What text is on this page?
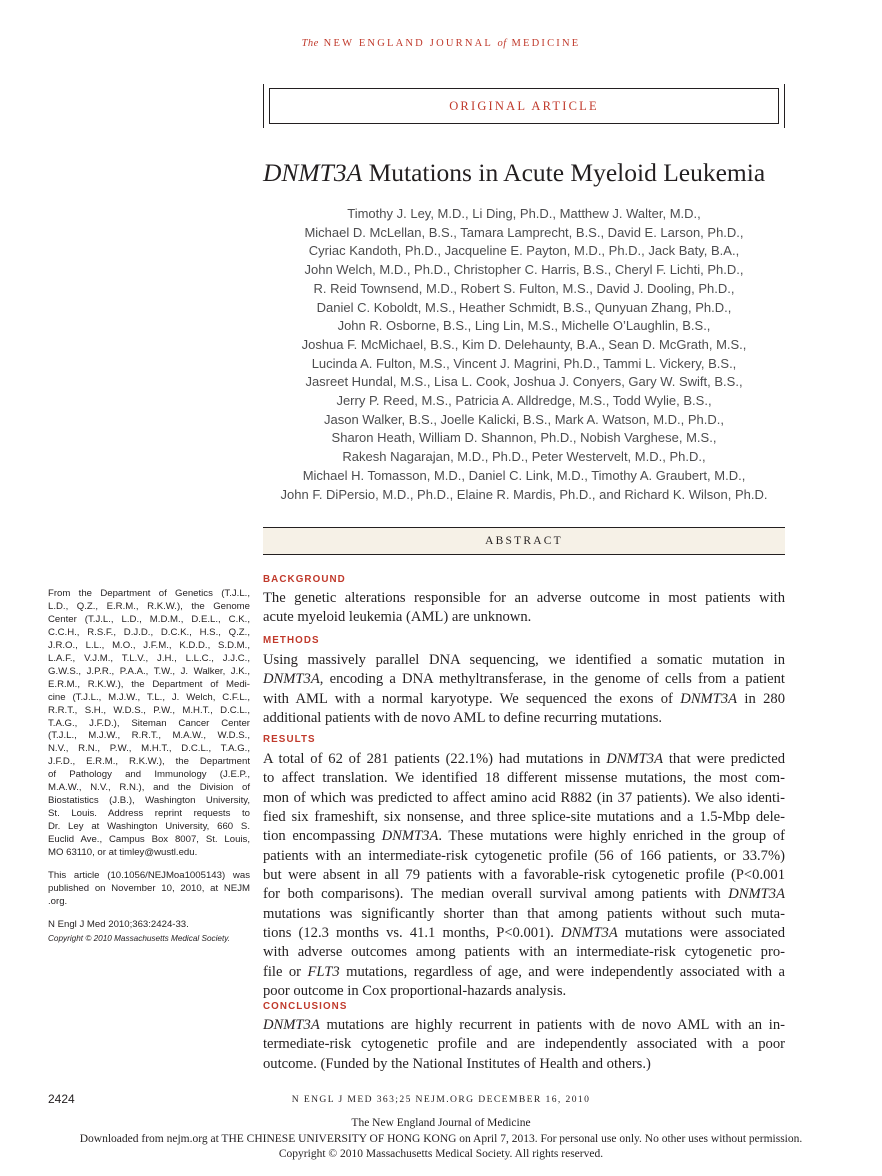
The NEW ENGLAND JOURNAL of MEDICINE
ORIGINAL ARTICLE
DNMT3A Mutations in Acute Myeloid Leukemia
Timothy J. Ley, M.D., Li Ding, Ph.D., Matthew J. Walter, M.D.,
Michael D. McLellan, B.S., Tamara Lamprecht, B.S., David E. Larson, Ph.D.,
Cyriac Kandoth, Ph.D., Jacqueline E. Payton, M.D., Ph.D., Jack Baty, B.A.,
John Welch, M.D., Ph.D., Christopher C. Harris, B.S., Cheryl F. Lichti, Ph.D.,
R. Reid Townsend, M.D., Robert S. Fulton, M.S., David J. Dooling, Ph.D.,
Daniel C. Koboldt, M.S., Heather Schmidt, B.S., Qunyuan Zhang, Ph.D.,
John R. Osborne, B.S., Ling Lin, M.S., Michelle O’Laughlin, B.S.,
Joshua F. McMichael, B.S., Kim D. Delehaunty, B.A., Sean D. McGrath, M.S.,
Lucinda A. Fulton, M.S., Vincent J. Magrini, Ph.D., Tammi L. Vickery, B.S.,
Jasreet Hundal, M.S., Lisa L. Cook, Joshua J. Conyers, Gary W. Swift, B.S.,
Jerry P. Reed, M.S., Patricia A. Alldredge, M.S., Todd Wylie, B.S.,
Jason Walker, B.S., Joelle Kalicki, B.S., Mark A. Watson, M.D., Ph.D.,
Sharon Heath, William D. Shannon, Ph.D., Nobish Varghese, M.S.,
Rakesh Nagarajan, M.D., Ph.D., Peter Westervelt, M.D., Ph.D.,
Michael H. Tomasson, M.D., Daniel C. Link, M.D., Timothy A. Graubert, M.D.,
John F. DiPersio, M.D., Ph.D., Elaine R. Mardis, Ph.D., and Richard K. Wilson, Ph.D.
ABSTRACT
BACKGROUND
The genetic alterations responsible for an adverse outcome in most patients with
acute myeloid leukemia (AML) are unknown.
METHODS
Using massively parallel DNA sequencing, we identified a somatic mutation in
DNMT3A, encoding a DNA methyltransferase, in the genome of cells from a patient
with AML with a normal karyotype. We sequenced the exons of DNMT3A in 280
additional patients with de novo AML to define recurring mutations.
RESULTS
A total of 62 of 281 patients (22.1%) had mutations in DNMT3A that were predicted
to affect translation. We identified 18 different missense mutations, the most com-
mon of which was predicted to affect amino acid R882 (in 37 patients). We also identi-
fied six frameshift, six nonsense, and three splice-site mutations and a 1.5-Mbp dele-
tion encompassing DNMT3A. These mutations were highly enriched in the group of
patients with an intermediate-risk cytogenetic profile (56 of 166 patients, or 33.7%)
but were absent in all 79 patients with a favorable-risk cytogenetic profile (P<0.001
for both comparisons). The median overall survival among patients with DNMT3A
mutations was significantly shorter than that among patients without such muta-
tions (12.3 months vs. 41.1 months, P<0.001). DNMT3A mutations were associated
with adverse outcomes among patients with an intermediate-risk cytogenetic pro-
file or FLT3 mutations, regardless of age, and were independently associated with a
poor outcome in Cox proportional-hazards analysis.
CONCLUSIONS
DNMT3A mutations are highly recurrent in patients with de novo AML with an in-
termediate-risk cytogenetic profile and are independently associated with a poor
outcome. (Funded by the National Institutes of Health and others.)
From the Department of Genetics (T.J.L.,
L.D., Q.Z., E.R.M., R.K.W.), the Genome
Center (T.J.L., L.D., M.D.M., D.E.L., C.K.,
C.C.H., R.S.F., D.J.D., D.C.K., H.S., Q.Z.,
J.R.O., L.L., M.O., J.F.M., K.D.D., S.D.M.,
L.A.F., V.J.M., T.L.V., J.H., L.L.C., J.J.C.,
G.W.S., J.P.R., P.A.A., T.W., J. Walker, J.K.,
E.R.M., R.K.W.), the Department of Medi-
cine (T.J.L., M.J.W., T.L., J. Welch, C.F.L.,
R.R.T., S.H., W.D.S., P.W., M.H.T., D.C.L.,
T.A.G., J.F.D.), Siteman Cancer Center
(T.J.L., M.J.W., R.R.T., M.A.W., W.D.S.,
N.V., R.N., P.W., M.H.T., D.C.L., T.A.G.,
J.F.D., E.R.M., R.K.W.), the Department
of Pathology and Immunology (J.E.P.,
M.A.W., N.V., R.N.), and the Division of
Biostatistics (J.B.), Washington University,
St. Louis. Address reprint requests to
Dr. Ley at Washington University, 660 S.
Euclid Ave., Campus Box 8007, St. Louis,
MO 63110, or at timley@wustl.edu.
This article (10.1056/NEJMoa1005143) was
published on November 10, 2010, at NEJM
.org.
N Engl J Med 2010;363:2424-33.
Copyright © 2010 Massachusetts Medical Society.
2424	N ENGL J MED 363;25 NEJM.ORG DECEMBER 16, 2010
The New England Journal of Medicine
Downloaded from nejm.org at THE CHINESE UNIVERSITY OF HONG KONG on April 7, 2013. For personal use only. No other uses without permission.
Copyright © 2010 Massachusetts Medical Society. All rights reserved.
